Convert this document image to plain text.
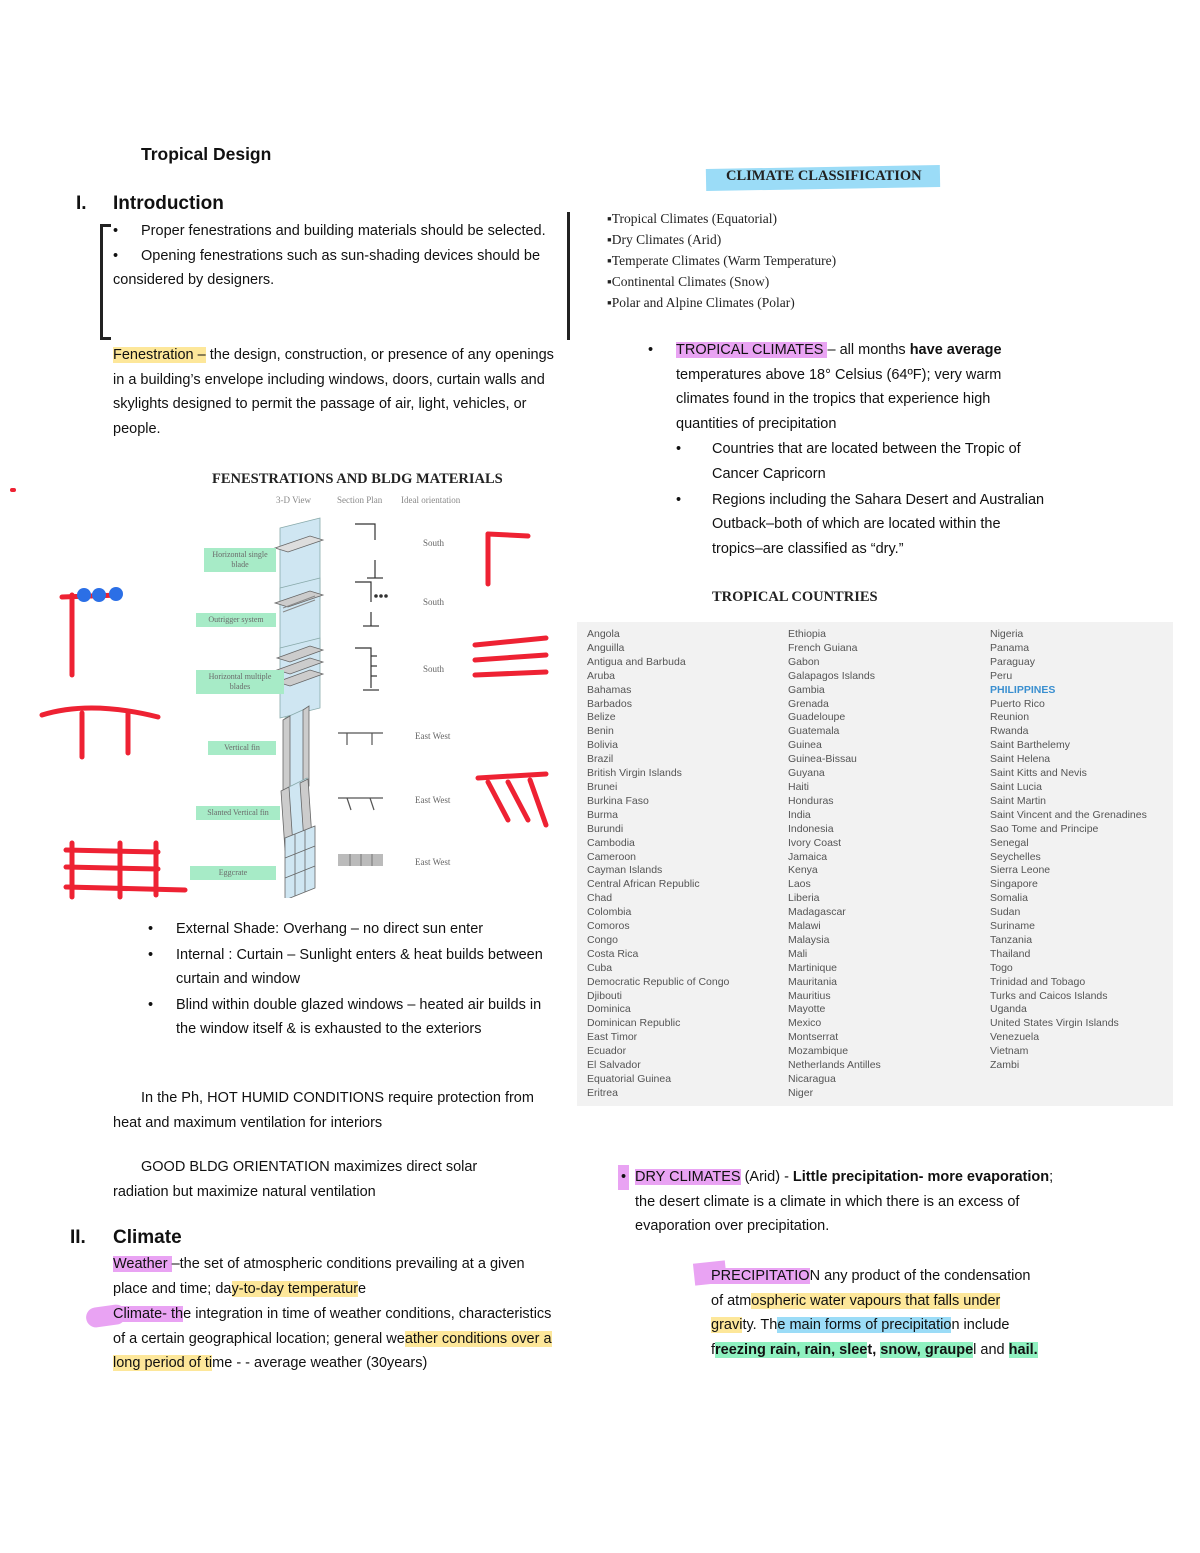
Tropical Design
I. Introduction
• Proper fenestrations and building materials should be selected.
• Opening fenestrations such as sun-shading devices should be considered by designers.
Fenestration – the design, construction, or presence of any openings in a building’s envelope including windows, doors, curtain walls and skylights designed to permit the passage of air, light, vehicles, or people.
FENESTRATIONS AND BLDG MATERIALS
3-D View	Section Plan Ideal orientation
Horizontal single blade
Outrigger system
Horizontal multiple blades
Vertical fin
Slanted Vertical fin
Eggcrate
South
South
South
East West
East West
East West
• External Shade: Overhang – no direct sun enter
• Internal : Curtain – Sunlight enters & heat builds between curtain and window
• Blind within double glazed windows – heated air builds in the window itself & is exhausted to the exteriors
In the Ph, HOT HUMID CONDITIONS require protection from heat and maximum ventilation for interiors
GOOD BLDG ORIENTATION maximizes direct solar radiation but maximize natural ventilation
II. Climate
Weather –the set of atmospheric conditions prevailing at a given place and time; day-to-day temperature
Climate- the integration in time of weather conditions, characteristics of a certain geographical location; general weather conditions over a long period of time - - average weather (30years)
CLIMATE CLASSIFICATION
▪Tropical Climates (Equatorial)
▪Dry Climates (Arid)
▪Temperate Climates (Warm Temperature)
▪Continental Climates (Snow)
▪Polar and Alpine Climates (Polar)
• TROPICAL CLIMATES – all months have average temperatures above 18° Celsius (64ºF); very warm climates found in the tropics that experience high quantities of precipitation
• Countries that are located between the Tropic of Cancer Capricorn
• Regions including the Sahara Desert and Australian Outback–both of which are located within the tropics–are classified as “dry.”
TROPICAL COUNTRIES
Angola
Anguilla
Antigua and Barbuda
Aruba
Bahamas
Barbados
Belize
Benin
Bolivia
Brazil
British Virgin Islands
Brunei
Burkina Faso
Burma
Burundi
Cambodia
Cameroon
Cayman Islands
Central African Republic
Chad
Colombia
Comoros
Congo
Costa Rica
Cuba
Democratic Republic of Congo
Djibouti
Dominica
Dominican Republic
East Timor
Ecuador
El Salvador
Equatorial Guinea
Eritrea
Ethiopia
French Guiana
Gabon
Galapagos Islands
Gambia
Grenada
Guadeloupe
Guatemala
Guinea
Guinea-Bissau
Guyana
Haiti
Honduras
India
Indonesia
Ivory Coast
Jamaica
Kenya
Laos
Liberia
Madagascar
Malawi
Malaysia
Mali
Martinique
Mauritania
Mauritius
Mayotte
Mexico
Montserrat
Mozambique
Netherlands Antilles
Nicaragua
Niger
Nigeria
Panama
Paraguay
Peru
PHILIPPINES
Puerto Rico
Reunion
Rwanda
Saint Barthelemy
Saint Helena
Saint Kitts and Nevis
Saint Lucia
Saint Martin
Saint Vincent and the Grenadines
Sao Tome and Principe
Senegal
Seychelles
Sierra Leone
Singapore
Somalia
Sudan
Suriname
Tanzania
Thailand
Togo
Trinidad and Tobago
Turks and Caicos Islands
Uganda
United States Virgin Islands
Venezuela
Vietnam
Zambi
• DRY CLIMATES (Arid) - Little precipitation- more evaporation; the desert climate is a climate in which there is an excess of evaporation over precipitation.
PRECIPITATION any product of the condensation of atmospheric water vapours that falls under gravity. The main forms of precipitation include freezing rain, rain, sleet, snow, graupel and hail.
